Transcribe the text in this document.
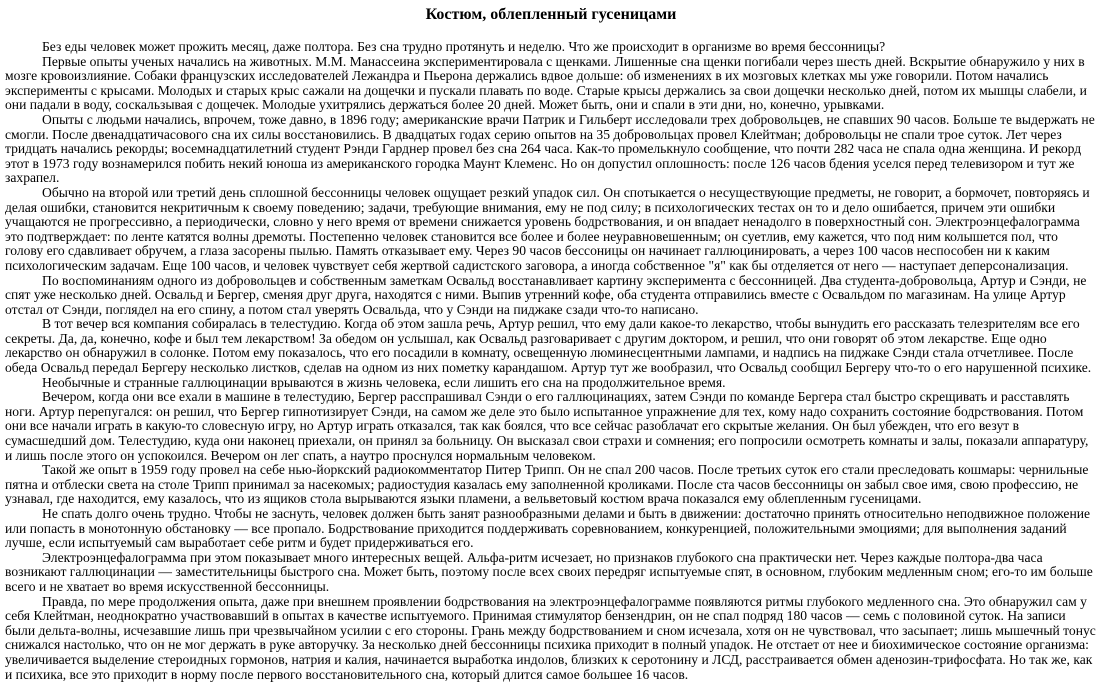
Костюм, облепленный гусеницами

Без еды человек может прожить месяц, даже полтора. Без сна трудно протянуть и неделю. Что же происходит в организме во время бессонницы?

Первые опыты ученых начались на животных. М.М. Манассеина экспериментировала с щенками. Лишенные сна щенки погибали через шесть дней. Вскрытие обнаружило у них в мозге кровоизлияние. Собаки французских исследователей Лежандра и Пьерона держались вдвое дольше: об изменениях в их мозговых клетках мы уже говорили. Потом начались эксперименты с крысами. Молодых и старых крыс сажали на дощечки и пускали плавать по воде. Старые крысы держались за свои дощечки несколько дней, потом их мышцы слабели, и они падали в воду, соскальзывая с дощечек. Молодые ухитрялись держаться более 20 дней. Может быть, они и спали в эти дни, но, конечно, урывками.

Опыты с людьми начались, впрочем, тоже давно, в 1896 году; американские врачи Патрик и Гильберт исследовали трех добровольцев, не спавших 90 часов. Больше те выдержать не смогли. После двенадцатичасового сна их силы восстановились. В двадцатых годах серию опытов на 35 добровольцах провел Клейтман; добровольцы не спали трое суток. Лет через тридцать начались рекорды; восемнадцатилетний студент Рэнди Гарднер провел без сна 264 часа. Как-то промелькнуло сообщение, что почти 282 часа не спала одна женщина. И рекорд этот в 1973 году вознамерился побить некий юноша из американского городка Маунт Клеменс. Но он допустил оплошность: после 126 часов бдения уселся перед телевизором и тут же захрапел.

Обычно на второй или третий день сплошной бессонницы человек ощущает резкий упадок сил. Он спотыкается о несуществующие предметы, не говорит, а бормочет, повторяясь и делая ошибки, становится некритичным к своему поведению; задачи, требующие внимания, ему не под силу; в психологических тестах он то и дело ошибается, причем эти ошибки учащаются не прогрессивно, а периодически, словно у него время от времени снижается уровень бодрствования, и он впадает ненадолго в поверхностный сон. Электроэнцефалограмма это подтверждает: по ленте катятся волны дремоты. Постепенно человек становится все более и более неуравновешенным; он суетлив, ему кажется, что под ним колышется пол, что голову его сдавливает обручем, а глаза засорены пылью. Память отказывает ему. Через 90 часов бессоницы он начинает галлюцинировать, а через 100 часов неспособен ни к каким психологическим задачам. Еще 100 часов, и человек чувствует себя жертвой садистского заговора, а иногда собственное "я" как бы отделяется от него — наступает деперсонализация.

По воспоминаниям одного из добровольцев и собственным заметкам Освальд восстанавливает картину эксперимента с бессонницей. Два студента-добровольца, Артур и Сэнди, не спят уже несколько дней. Освальд и Бергер, сменяя друг друга, находятся с ними. Выпив утренний кофе, оба студента отправились вместе с Освальдом по магазинам. На улице Артур отстал от Сэнди, поглядел на его спину, а потом стал уверять Освальда, что у Сэнди на пиджаке сзади что-то написано.

В тот вечер вся компания собиралась в телестудию. Когда об этом зашла речь, Артур решил, что ему дали какое-то лекарство, чтобы вынудить его рассказать телезрителям все его секреты. Да, да, конечно, кофе и был тем лекарством! За обедом он услышал, как Освальд разговаривает с другим доктором, и решил, что они говорят об этом лекарстве. Еще одно лекарство он обнаружил в солонке. Потом ему показалось, что его посадили в комнату, освещенную люминесцентными лампами, и надпись на пиджаке Сэнди стала отчетливее. После обеда Освальд передал Бергеру несколько листков, сделав на одном из них пометку карандашом. Артур тут же вообразил, что Освальд сообщил Бергеру что-то о его нарушенной психике.

Необычные и странные галлюцинации врываются в жизнь человека, если лишить его сна на продолжительное время.

Вечером, когда они все ехали в машине в телестудию, Бергер расспрашивал Сэнди о его галлюцинациях, затем Сэнди по команде Бергера стал быстро скрещивать и расставлять ноги. Артур перепугался: он решил, что Бергер гипнотизирует Сэнди, на самом же деле это было испытанное упражнение для тех, кому надо сохранить состояние бодрствования. Потом они все начали играть в какую-то словесную игру, но Артур играть отказался, так как боялся, что все сейчас разоблачат его скрытые желания. Он был убежден, что его везут в сумасшедший дом. Телестудию, куда они наконец приехали, он принял за больницу. Он высказал свои страхи и сомнения; его попросили осмотреть комнаты и залы, показали аппаратуру, и лишь после этого он успокоился. Вечером он лег спать, а наутро проснулся нормальным человеком.

Такой же опыт в 1959 году провел на себе нью-йоркский радиокомментатор Питер Трипп. Он не спал 200 часов. После третьих суток его стали преследовать кошмары: чернильные пятна и отблески света на столе Трипп принимал за насекомых; радиостудия казалась ему заполненной кроликами. После ста часов бессонницы он забыл свое имя, свою профессию, не узнавал, где находится, ему казалось, что из ящиков стола вырываются языки пламени, а вельветовый костюм врача показался ему облепленным гусеницами.

Не спать долго очень трудно. Чтобы не заснуть, человек должен быть занят разнообразными делами и быть в движении: достаточно принять относительно неподвижное положение или попасть в монотонную обстановку — все пропало. Бодрствование приходится поддерживать соревнованием, конкуренцией, положительными эмоциями; для выполнения заданий лучше, если испытуемый сам выработает себе ритм и будет придерживаться его.

Электроэнцефалограмма при этом показывает много интересных вещей. Альфа-ритм исчезает, но признаков глубокого сна практически нет. Через каждые полтора-два часа возникают галлюцинации — заместительницы быстрого сна. Может быть, поэтому после всех своих передряг испытуемые спят, в основном, глубоким медленным сном; его-то им больше всего и не хватает во время искусственной бессонницы.

Правда, по мере продолжения опыта, даже при внешнем проявлении бодрствования на электроэнцефалограмме появляются ритмы глубокого медленного сна. Это обнаружил сам у себя Клейтман, неоднократно участвовавший в опытах в качестве испытуемого. Принимая стимулятор бензендрин, он не спал подряд 180 часов — семь с половиной суток. На записи были дельта-волны, исчезавшие лишь при чрезвычайном усилии с его стороны. Грань между бодрствованием и сном исчезала, хотя он не чувствовал, что засыпает; лишь мышечный тонус снижался настолько, что он не мог держать в руке авторучку. За несколько дней бессонницы психика приходит в полный упадок. Не отстает от нее и биохимическое состояние организма: увеличивается выделение стероидных гормонов, натрия и калия, начинается выработка индолов, близких к серотонину и ЛСД, расстраивается обмен аденозин-трифосфата. Но так же, как и психика, все это приходит в норму после первого восстановительного сна, который длится самое большее 16 часов.
